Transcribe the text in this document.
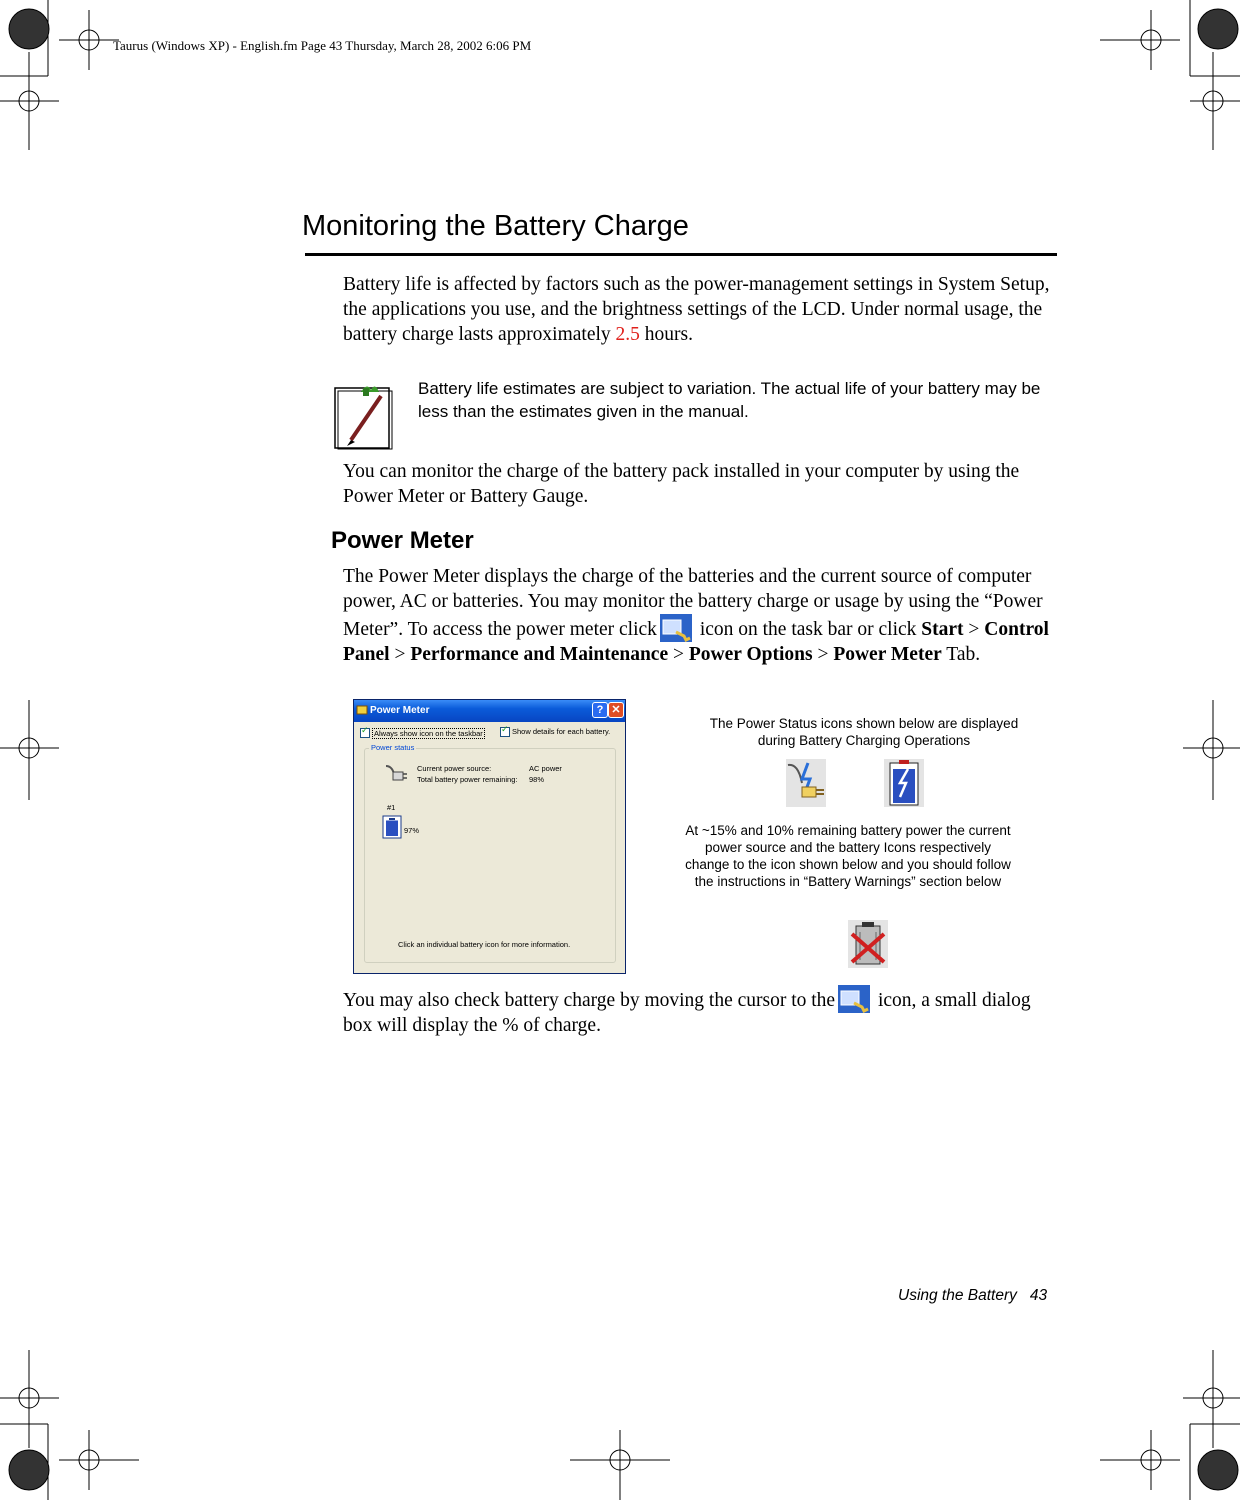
Taurus (Windows XP) - English.fm Page 43 Thursday, March 28, 2002 6:06 PM
Monitoring the Battery Charge
Battery life is affected by factors such as the power-management settings in System Setup, the applications you use, and the brightness settings of the LCD. Under normal usage, the battery charge lasts approximately 2.5 hours.
Battery life estimates are subject to variation. The actual life of your battery may be less than the estimates given in the manual.
You can monitor the charge of the battery pack installed in your computer by using the Power Meter or Battery Gauge.
Power Meter
The Power Meter displays the charge of the batteries and the current source of computer power, AC or batteries. You may monitor the battery charge or usage by using the “Power Meter”. To access the power meter click icon on the task bar or click Start > Control Panel > Performance and Maintenance > Power Options > Power Meter Tab.
Power Meter	? ✕
✓
Always show icon on the taskbar
✓	Show details for each battery.
Power status
Current power source:	AC power
Total battery power remaining: 98%
#1
97%
Click an individual battery icon for more information.
The Power Status icons shown below are displayed during Battery Charging Operations
At ~15% and 10% remaining battery power the current power source and the battery Icons respectively change to the icon shown below and you should follow the instructions in “Battery Warnings” section below
You may also check battery charge by moving the cursor to the icon, a small dialog box will display the % of charge.
Using the Battery 43
